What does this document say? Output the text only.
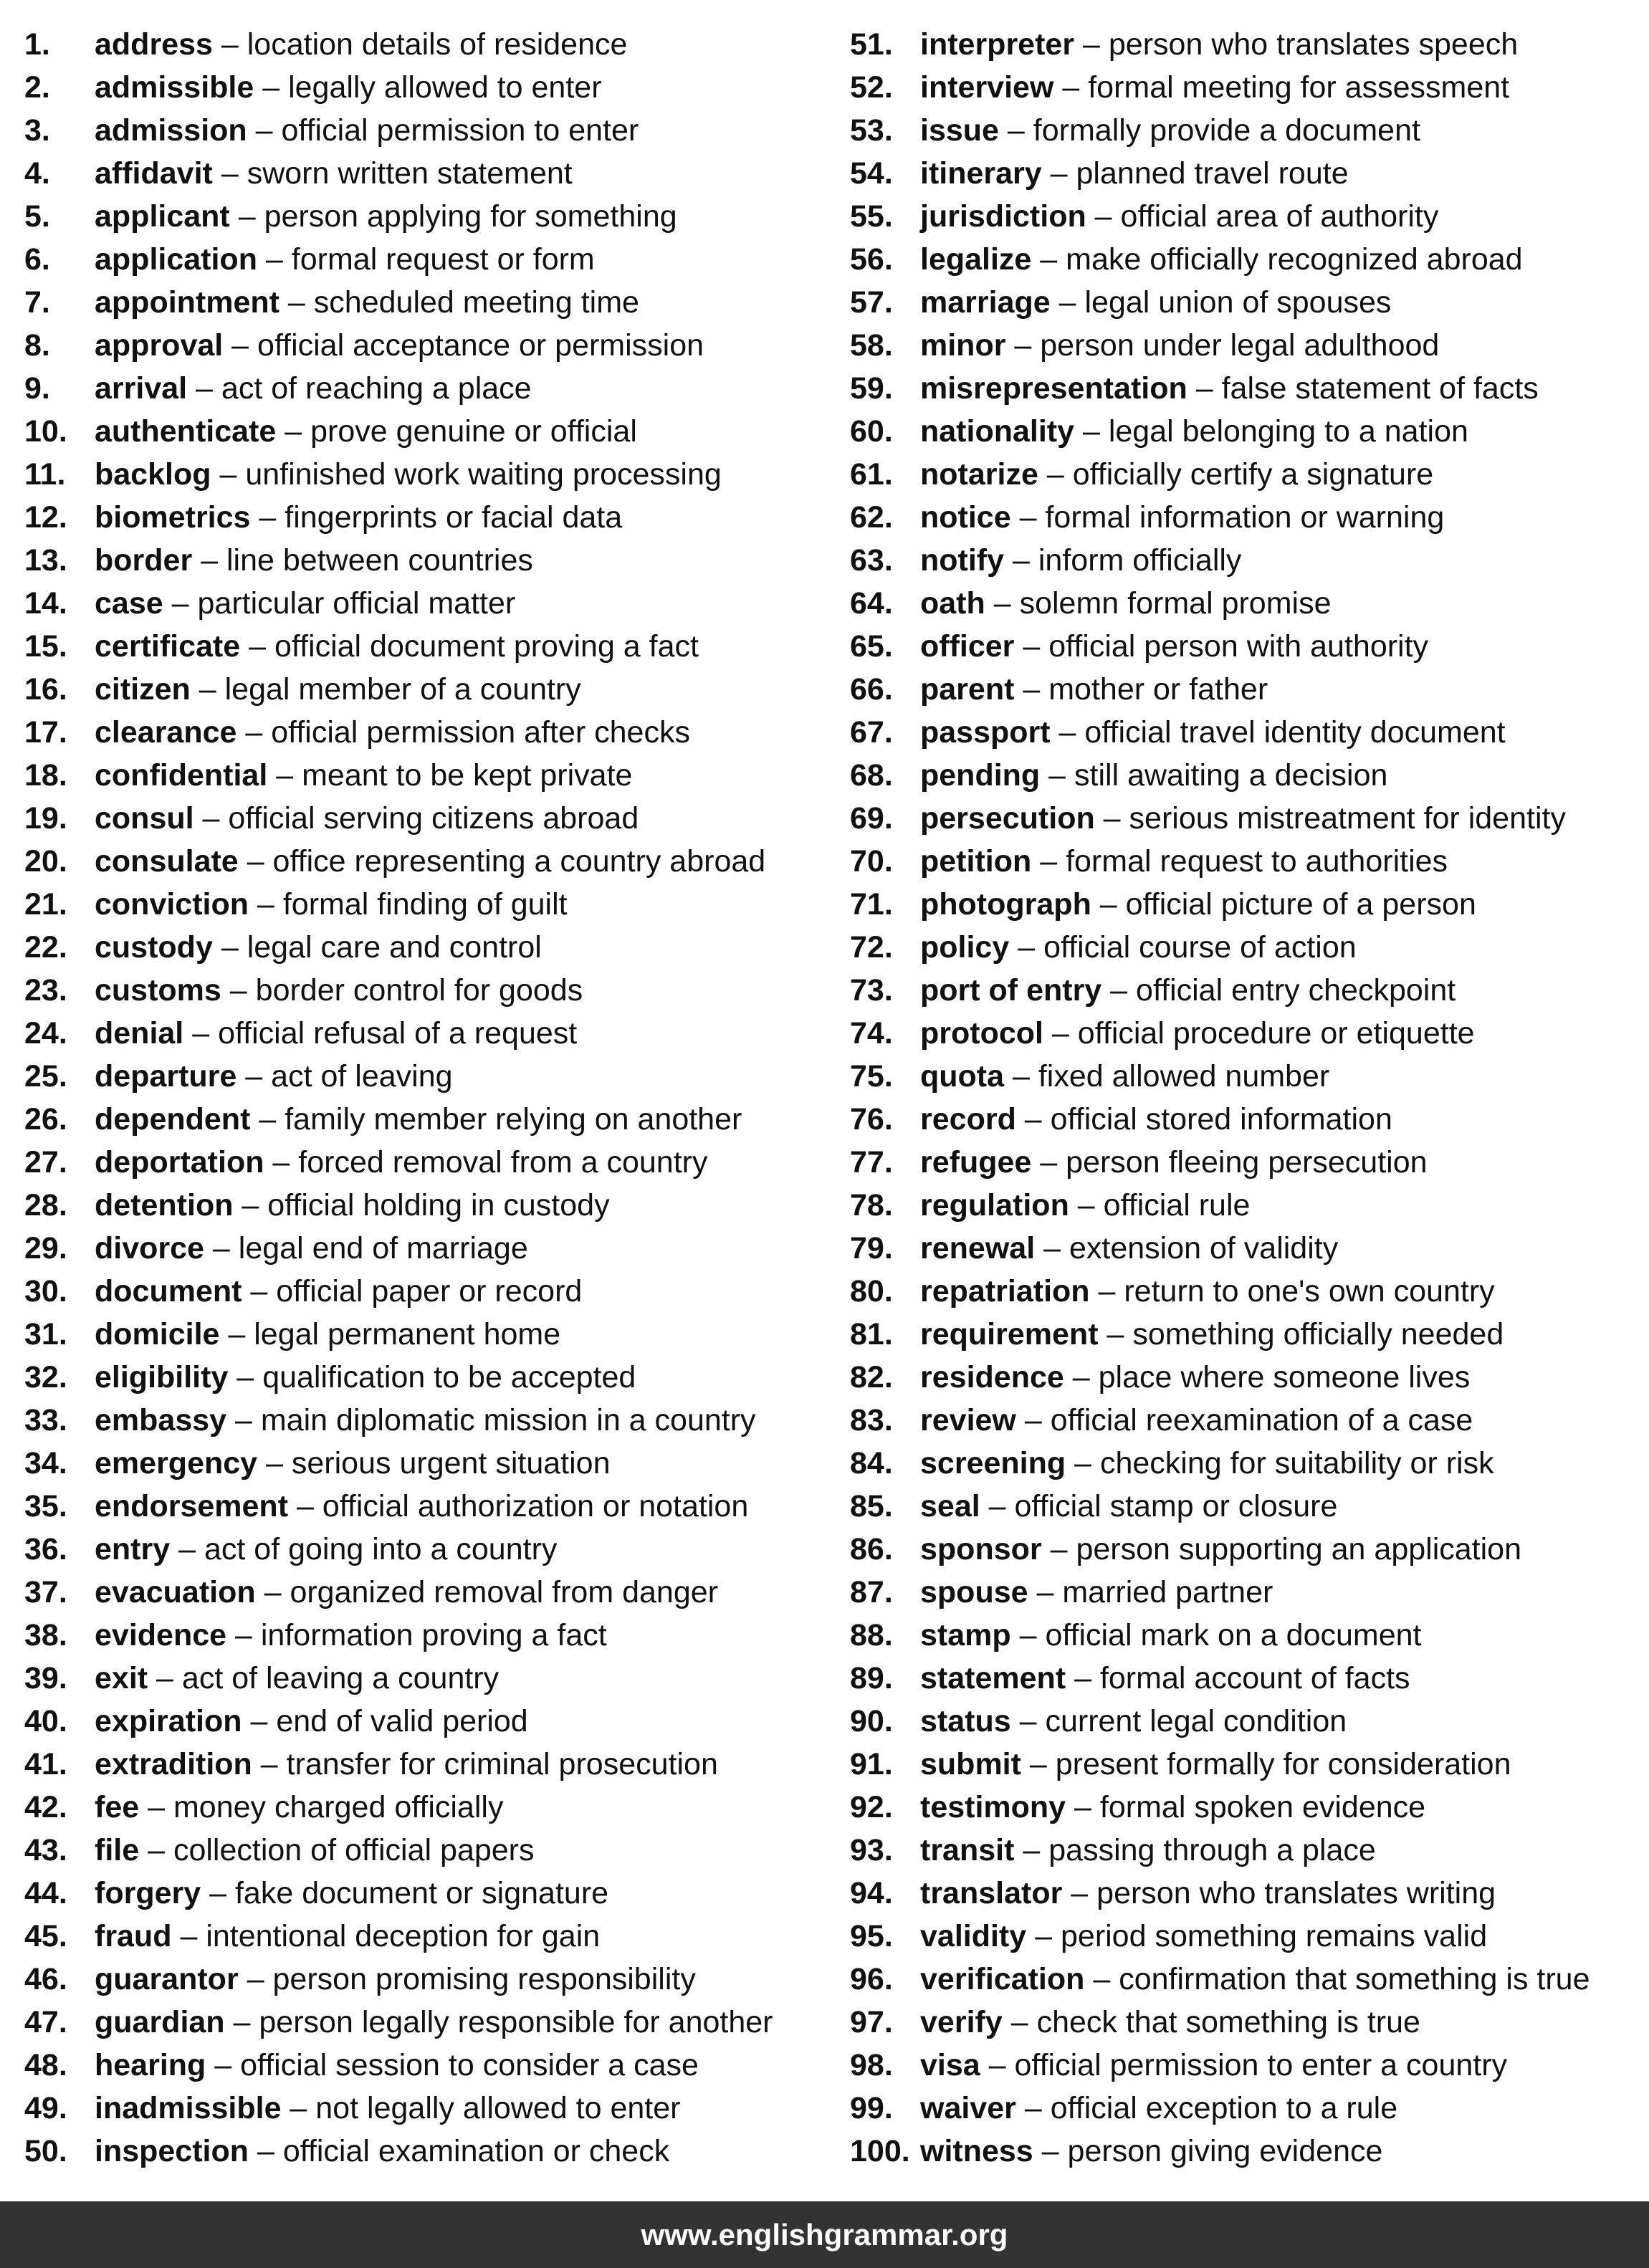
1. address – location details of residence
2. admissible – legally allowed to enter
3. admission – official permission to enter
4. affidavit – sworn written statement
5. applicant – person applying for something
6. application – formal request or form
7. appointment – scheduled meeting time
8. approval – official acceptance or permission
9. arrival – act of reaching a place
10. authenticate – prove genuine or official
11. backlog – unfinished work waiting processing
12. biometrics – fingerprints or facial data
13. border – line between countries
14. case – particular official matter
15. certificate – official document proving a fact
16. citizen – legal member of a country
17. clearance – official permission after checks
18. confidential – meant to be kept private
19. consul – official serving citizens abroad
20. consulate – office representing a country abroad
21. conviction – formal finding of guilt
22. custody – legal care and control
23. customs – border control for goods
24. denial – official refusal of a request
25. departure – act of leaving
26. dependent – family member relying on another
27. deportation – forced removal from a country
28. detention – official holding in custody
29. divorce – legal end of marriage
30. document – official paper or record
31. domicile – legal permanent home
32. eligibility – qualification to be accepted
33. embassy – main diplomatic mission in a country
34. emergency – serious urgent situation
35. endorsement – official authorization or notation
36. entry – act of going into a country
37. evacuation – organized removal from danger
38. evidence – information proving a fact
39. exit – act of leaving a country
40. expiration – end of valid period
41. extradition – transfer for criminal prosecution
42. fee – money charged officially
43. file – collection of official papers
44. forgery – fake document or signature
45. fraud – intentional deception for gain
46. guarantor – person promising responsibility
47. guardian – person legally responsible for another
48. hearing – official session to consider a case
49. inadmissible – not legally allowed to enter
50. inspection – official examination or check
51. interpreter – person who translates speech
52. interview – formal meeting for assessment
53. issue – formally provide a document
54. itinerary – planned travel route
55. jurisdiction – official area of authority
56. legalize – make officially recognized abroad
57. marriage – legal union of spouses
58. minor – person under legal adulthood
59. misrepresentation – false statement of facts
60. nationality – legal belonging to a nation
61. notarize – officially certify a signature
62. notice – formal information or warning
63. notify – inform officially
64. oath – solemn formal promise
65. officer – official person with authority
66. parent – mother or father
67. passport – official travel identity document
68. pending – still awaiting a decision
69. persecution – serious mistreatment for identity
70. petition – formal request to authorities
71. photograph – official picture of a person
72. policy – official course of action
73. port of entry – official entry checkpoint
74. protocol – official procedure or etiquette
75. quota – fixed allowed number
76. record – official stored information
77. refugee – person fleeing persecution
78. regulation – official rule
79. renewal – extension of validity
80. repatriation – return to one's own country
81. requirement – something officially needed
82. residence – place where someone lives
83. review – official reexamination of a case
84. screening – checking for suitability or risk
85. seal – official stamp or closure
86. sponsor – person supporting an application
87. spouse – married partner
88. stamp – official mark on a document
89. statement – formal account of facts
90. status – current legal condition
91. submit – present formally for consideration
92. testimony – formal spoken evidence
93. transit – passing through a place
94. translator – person who translates writing
95. validity – period something remains valid
96. verification – confirmation that something is true
97. verify – check that something is true
98. visa – official permission to enter a country
99. waiver – official exception to a rule
100. witness – person giving evidence
www.englishgrammar.org
